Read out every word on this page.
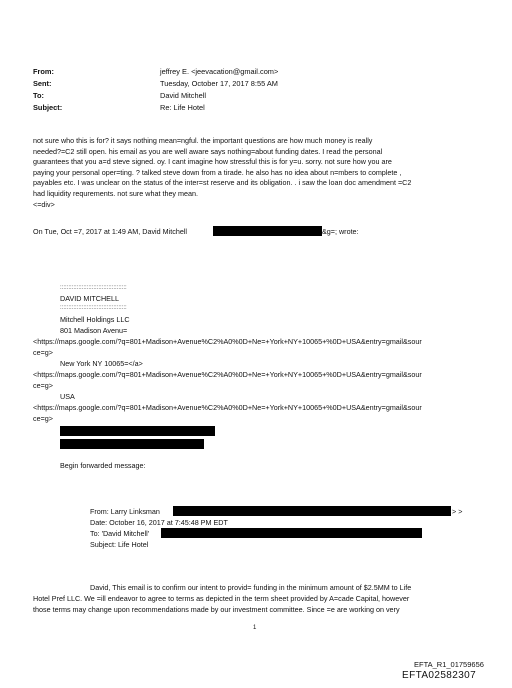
From:	jeffrey E. <jeevacation@gmail.com>
Sent:	Tuesday, October 17, 2017 8:55 AM
To:	David Mitchell
Subject:	Re: Life Hotel
not sure who this is for? it says nothing mean=ngful. the important questions are how much money is really
needed?=C2 still open. his email as you are well aware says nothing=about funding dates. I read the personal
guarantees that you a=d steve signed. oy. I cant imagine how stressful this is for y=u. sorry. not sure how you are
paying your personal oper=ting. ? talked steve down from a tirade. he also has no idea about n=mbers to complete ,
payables etc. I was unclear on the status of the inter=st reserve and its obligation. . i saw the loan doc amendment =C2
had liquidity requrements. not sure what they mean.
<=div>
On Tue, Oct =7, 2017 at 1:49 AM, David Mitchell	&g=; wrote:
::::::::::::::::::::::::::::::::::::::::
DAVID MITCHELL
::::::::::::::::::::::::::::::::::::::::
Mitchell Holdings LLC
801 Madison Avenu=
<https://maps.google.com/?q=801+Madison+Avenue%C2%A0%0D+Ne=+York+NY+10065+%0D+USA&entry=gmail&sour
ce=g>
New York NY 10065=</a>
<https://maps.google.com/?q=801+Madison+Avenue%C2%A0%0D+Ne=+York+NY+10065+%0D+USA&entry=gmail&sour
ce=g>
USA
<https://maps.google.com/?q=801+Madison+Avenue%C2%A0%0D+Ne=+York+NY+10065+%0D+USA&entry=gmail&sour
ce=g>
Begin forwarded message:
From: Larry Linksman	> >
Date: October 16, 2017 at 7:45:48 PM EDT
To: 'David Mitchell'
Subject: Life Hotel
David, This email is to confirm our intent to provid= funding in the minimum amount of $2.5MM to Life
Hotel Pref LLC. We =ill endeavor to agree to terms as depicted in the term sheet provided by A=cade Capital, however
those terms may change upon recommendations made by our investment committee. Since =e are working on very
1
EFTA_R1_01759656
EFTA02582307
